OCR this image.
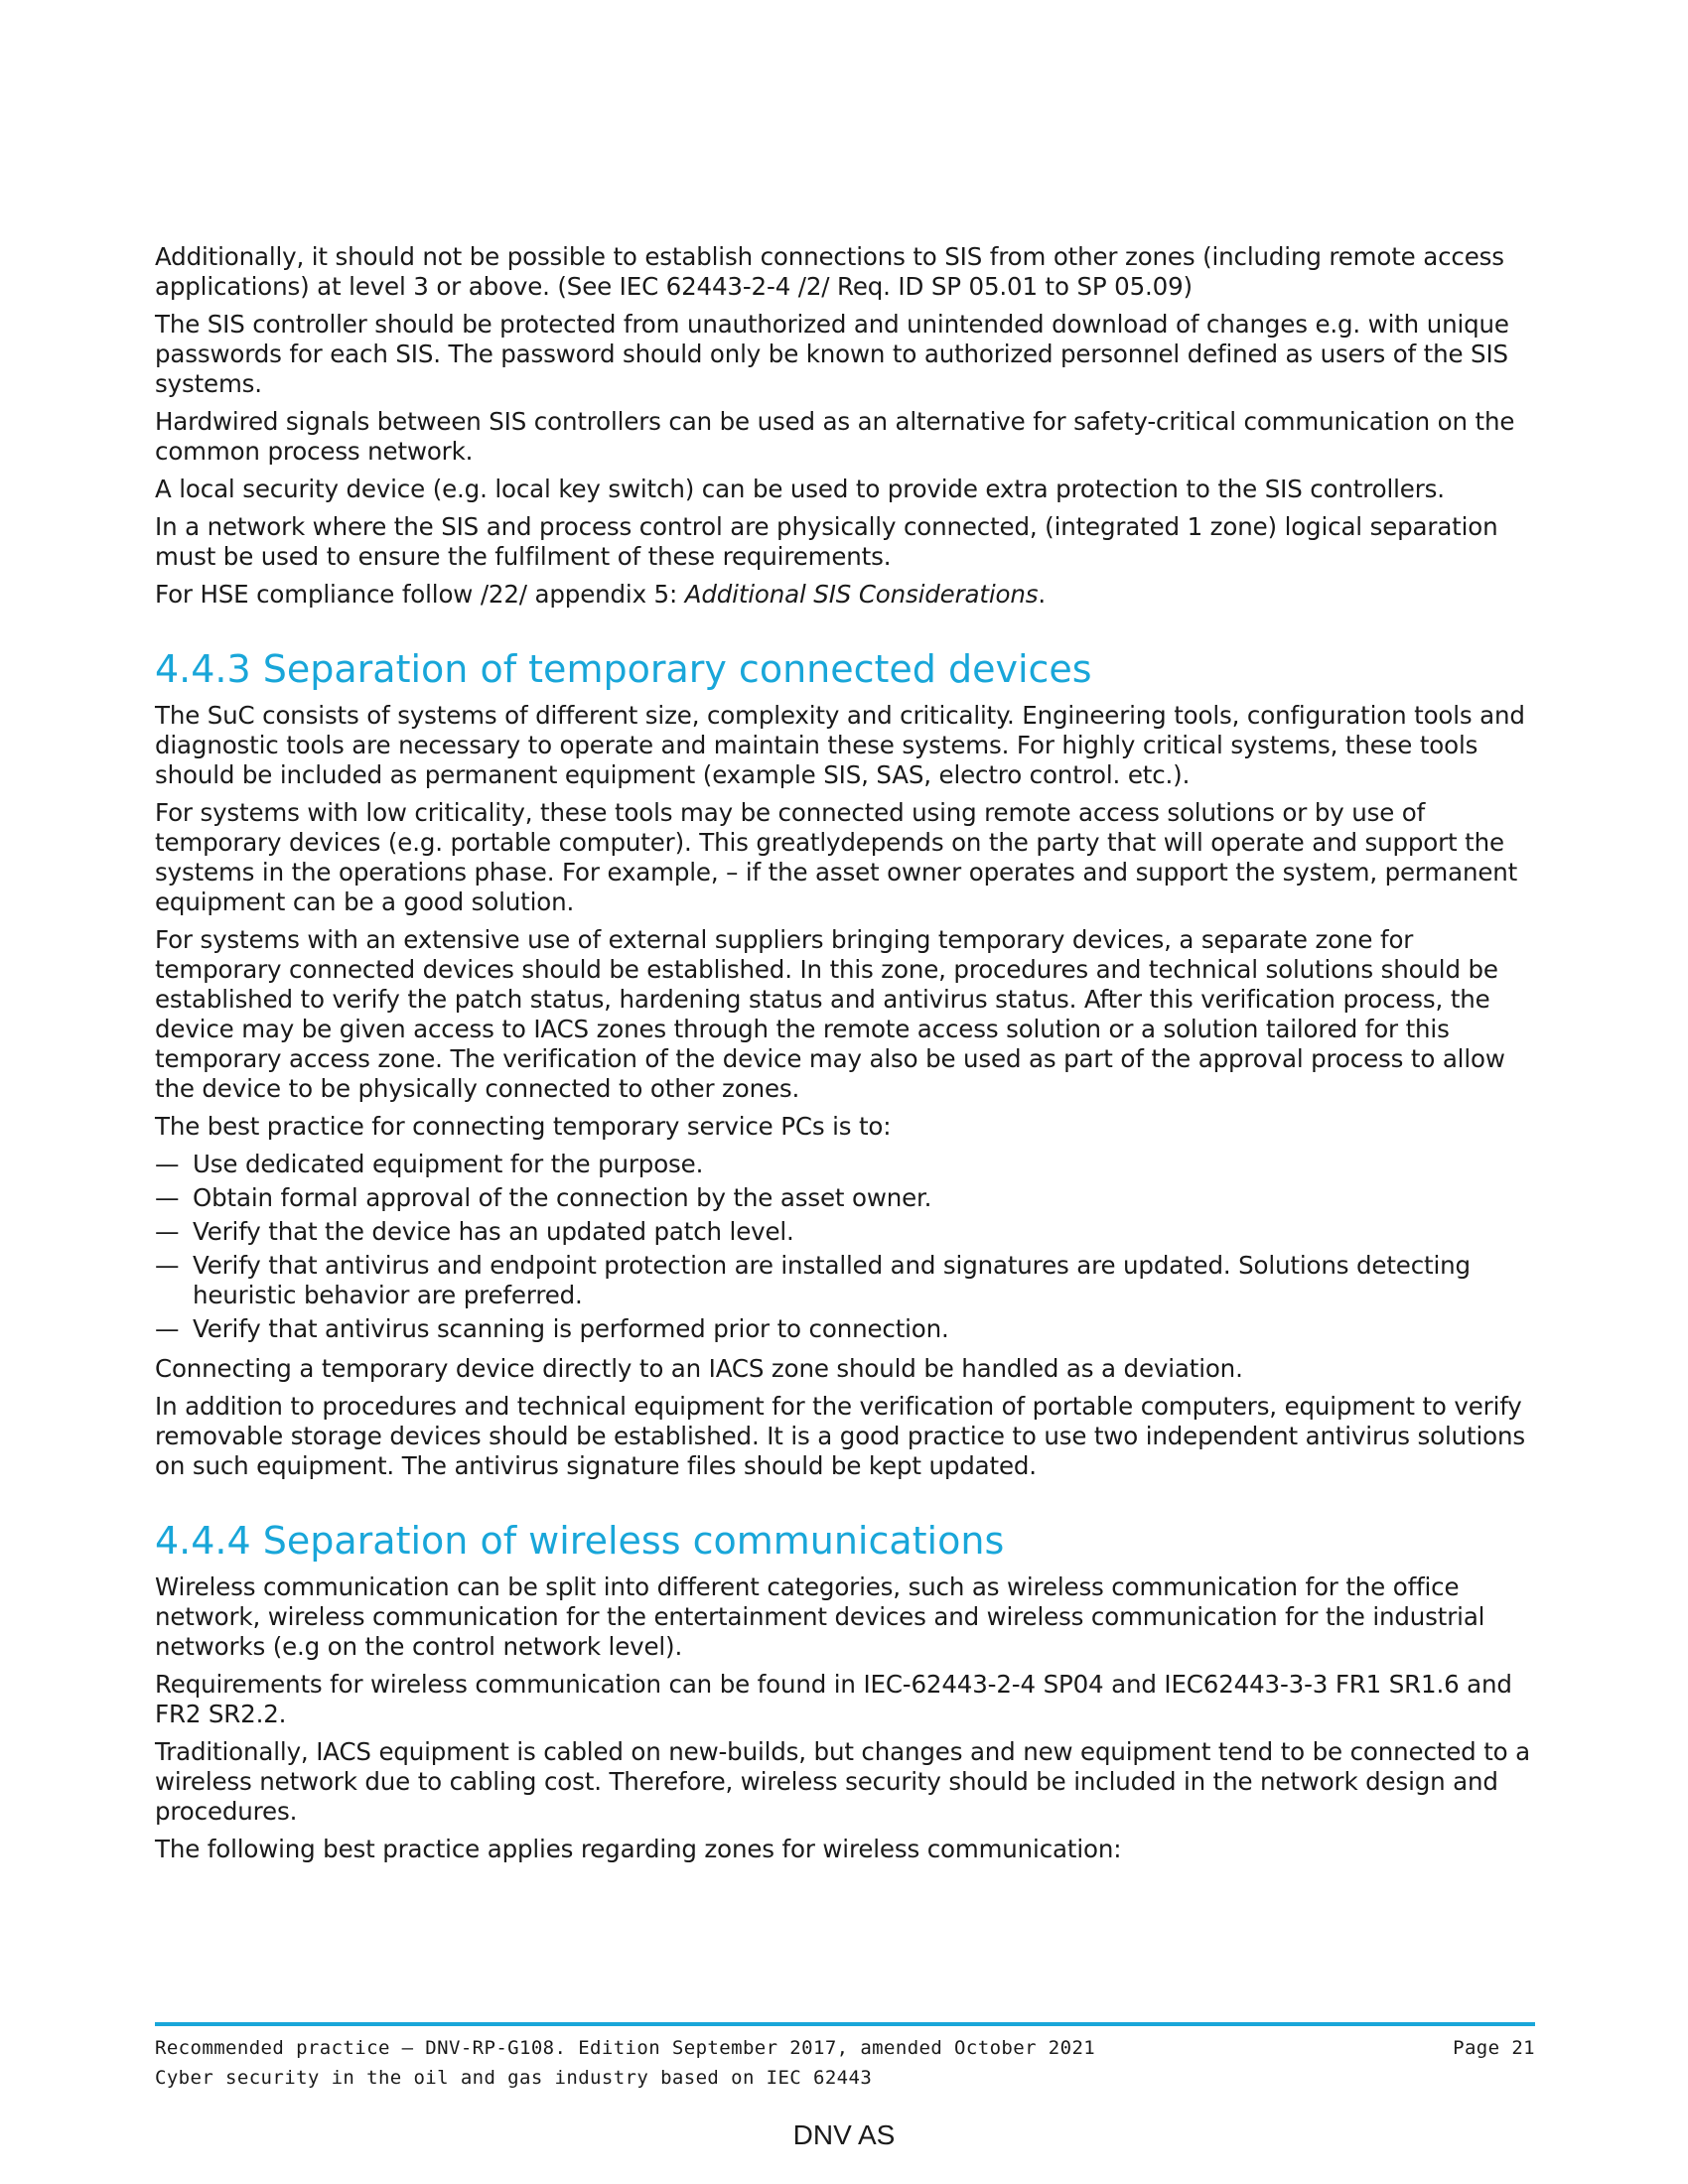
Additionally, it should not be possible to establish connections to SIS from other zones (including remote access applications) at level 3 or above. (See IEC 62443-2-4 /2/ Req. ID SP 05.01 to SP 05.09)

The SIS controller should be protected from unauthorized and unintended download of changes e.g. with unique passwords for each SIS. The password should only be known to authorized personnel defined as users of the SIS systems.

Hardwired signals between SIS controllers can be used as an alternative for safety-critical communication on the common process network.

A local security device (e.g. local key switch) can be used to provide extra protection to the SIS controllers.

In a network where the SIS and process control are physically connected, (integrated 1 zone) logical separation must be used to ensure the fulfilment of these requirements.

For HSE compliance follow /22/ appendix 5: Additional SIS Considerations.

4.4.3 Separation of temporary connected devices

The SuC consists of systems of different size, complexity and criticality. Engineering tools, configuration tools and diagnostic tools are necessary to operate and maintain these systems. For highly critical systems, these tools should be included as permanent equipment (example SIS, SAS, electro control. etc.).

For systems with low criticality, these tools may be connected using remote access solutions or by use of temporary devices (e.g. portable computer). This greatlydepends on the party that will operate and support the systems in the operations phase. For example, – if the asset owner operates and support the system, permanent equipment can be a good solution.

For systems with an extensive use of external suppliers bringing temporary devices, a separate zone for temporary connected devices should be established. In this zone, procedures and technical solutions should be established to verify the patch status, hardening status and antivirus status. After this verification process, the device may be given access to IACS zones through the remote access solution or a solution tailored for this temporary access zone. The verification of the device may also be used as part of the approval process to allow the device to be physically connected to other zones.

The best practice for connecting temporary service PCs is to:

— Use dedicated equipment for the purpose.
— Obtain formal approval of the connection by the asset owner.
— Verify that the device has an updated patch level.
— Verify that antivirus and endpoint protection are installed and signatures are updated. Solutions detecting heuristic behavior are preferred.
— Verify that antivirus scanning is performed prior to connection.

Connecting a temporary device directly to an IACS zone should be handled as a deviation.

In addition to procedures and technical equipment for the verification of portable computers, equipment to verify removable storage devices should be established. It is a good practice to use two independent antivirus solutions on such equipment. The antivirus signature files should be kept updated.

4.4.4 Separation of wireless communications

Wireless communication can be split into different categories, such as wireless communication for the office network, wireless communication for the entertainment devices and wireless communication for the industrial networks (e.g on the control network level).

Requirements for wireless communication can be found in IEC-62443-2-4 SP04 and IEC62443-3-3 FR1 SR1.6 and FR2 SR2.2.

Traditionally, IACS equipment is cabled on new-builds, but changes and new equipment tend to be connected to a wireless network due to cabling cost. Therefore, wireless security should be included in the network design and procedures.

The following best practice applies regarding zones for wireless communication:

Recommended practice — DNV-RP-G108. Edition September 2017, amended October 2021	Page 21
Cyber security in the oil and gas industry based on IEC 62443
DNV AS
